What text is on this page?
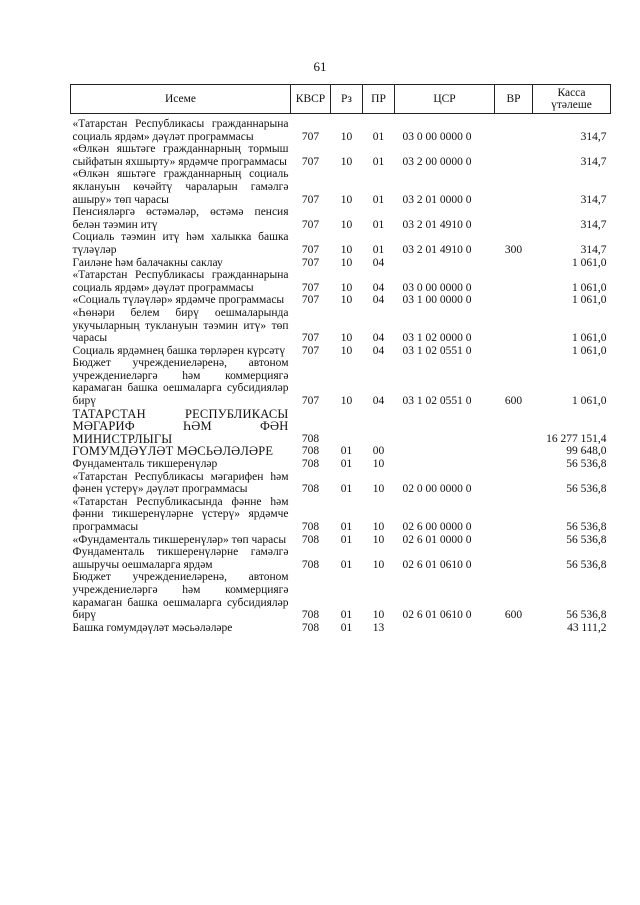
61
Исеме	КВСР	Рз	ПР	ЦСР	ВР	Касса
үтәлеше
«Татарстан Республикасы гражданнарына социаль ярдәм» дәүләт программасы	707	10	01	03 0 00 0000 0		314,7
«Өлкән яшьтәге гражданнарның тормыш сыйфатын яхшырту» ярдәмче программасы	707	10	01	03 2 00 0000 0		314,7
«Өлкән яшьтәге гражданнарның социаль яклануын көчәйтү чараларын гамәлгә ашыру» төп чарасы	707	10	01	03 2 01 0000 0		314,7
Пенсияләргә өстәмәләр, өстәмә пенсия белән тәэмин итү	707	10	01	03 2 01 4910 0		314,7
Социаль тәэмин итү һәм халыкка башка түләүләр	707	10	01	03 2 01 4910 0	300	314,7
Гаиләне һәм балачакны саклау	707	10	04			1 061,0
«Татарстан Республикасы гражданнарына социаль ярдәм» дәүләт программасы	707	10	04	03 0 00 0000 0		1 061,0
«Социаль түләүләр» ярдәмче программасы	707	10	04	03 1 00 0000 0		1 061,0
«Һөнәри белем бирү оешмаларында укучыларның туклануын тәэмин итү» төп чарасы	707	10	04	03 1 02 0000 0		1 061,0
Социаль ярдәмнең башка төрләрен күрсәтү	707	10	04	03 1 02 0551 0		1 061,0
Бюджет учреждениеләренә, автоном учреждениеләргә һәм коммерциягә карамаган башка оешмаларга субсидияләр бирү	707	10	04	03 1 02 0551 0	600	1 061,0
ТАТАРСТАН РЕСПУБЛИКАСЫ МӘГАРИФ ҺӘМ ФӘН МИНИСТРЛЫГЫ	708					16 277 151,4
ГОМУМДӘҮЛӘТ МӘСЬӘЛӘЛӘРЕ	708	01	00			99 648,0
Фундаменталь тикшеренүләр	708	01	10			56 536,8
«Татарстан Республикасы мәгарифен һәм фәнен үстерү» дәүләт программасы	708	01	10	02 0 00 0000 0		56 536,8
«Татарстан Республикасында фәнне һәм фәнни тикшеренүләрне үстерү» ярдәмче программасы	708	01	10	02 6 00 0000 0		56 536,8
«Фундаменталь тикшеренүләр» төп чарасы	708	01	10	02 6 01 0000 0		56 536,8
Фундаменталь тикшеренүләрне гамәлгә ашыручы оешмаларга ярдәм	708	01	10	02 6 01 0610 0		56 536,8
Бюджет учреждениеләренә, автоном учреждениеләргә һәм коммерциягә карамаган башка оешмаларга субсидияләр бирү	708	01	10	02 6 01 0610 0	600	56 536,8
Башка гомумдәүләт мәсьәләләре	708	01	13			43 111,2
